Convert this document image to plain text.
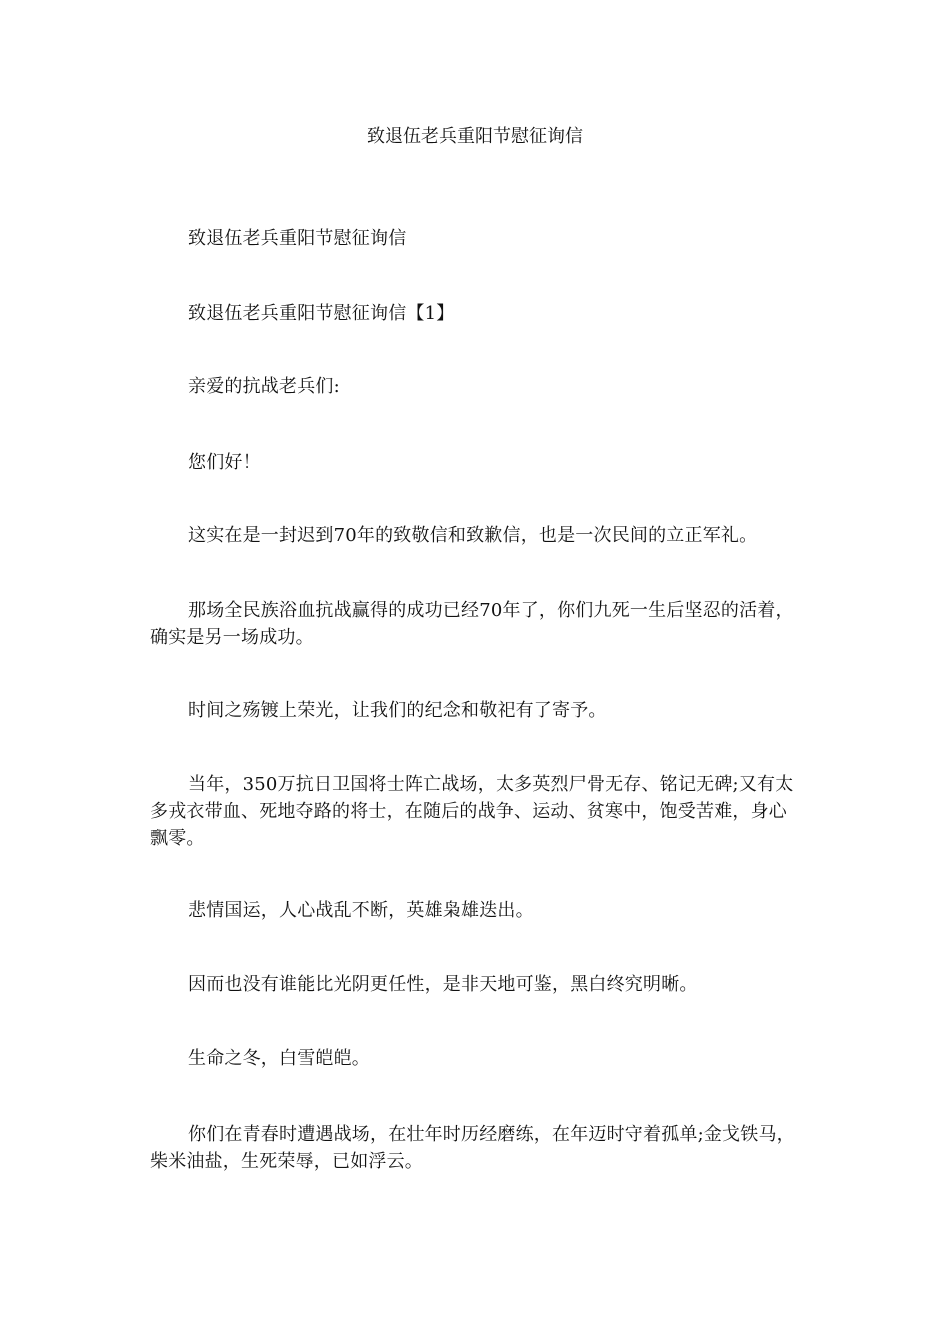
致退伍老兵重阳节慰征询信

致退伍老兵重阳节慰征询信

致退伍老兵重阳节慰征询信【1】

亲爱的抗战老兵们:

您们好！

这实在是一封迟到70年的致敬信和致歉信，也是一次民间的立正军礼。

那场全民族浴血抗战赢得的成功已经70年了，你们九死一生后坚忍的活着，确实是另一场成功。

时间之殇镀上荣光，让我们的纪念和敬祀有了寄予。

当年，350万抗日卫国将士阵亡战场，太多英烈尸骨无存、铭记无碑;又有太多戎衣带血、死地夺路的将士，在随后的战争、运动、贫寒中，饱受苦难，身心飘零。

悲情国运，人心战乱不断，英雄枭雄迭出。

因而也没有谁能比光阴更任性，是非天地可鉴，黑白终究明晰。

生命之冬，白雪皑皑。

你们在青春时遭遇战场，在壮年时历经磨练，在年迈时守着孤单;金戈铁马，柴米油盐，生死荣辱，已如浮云。
